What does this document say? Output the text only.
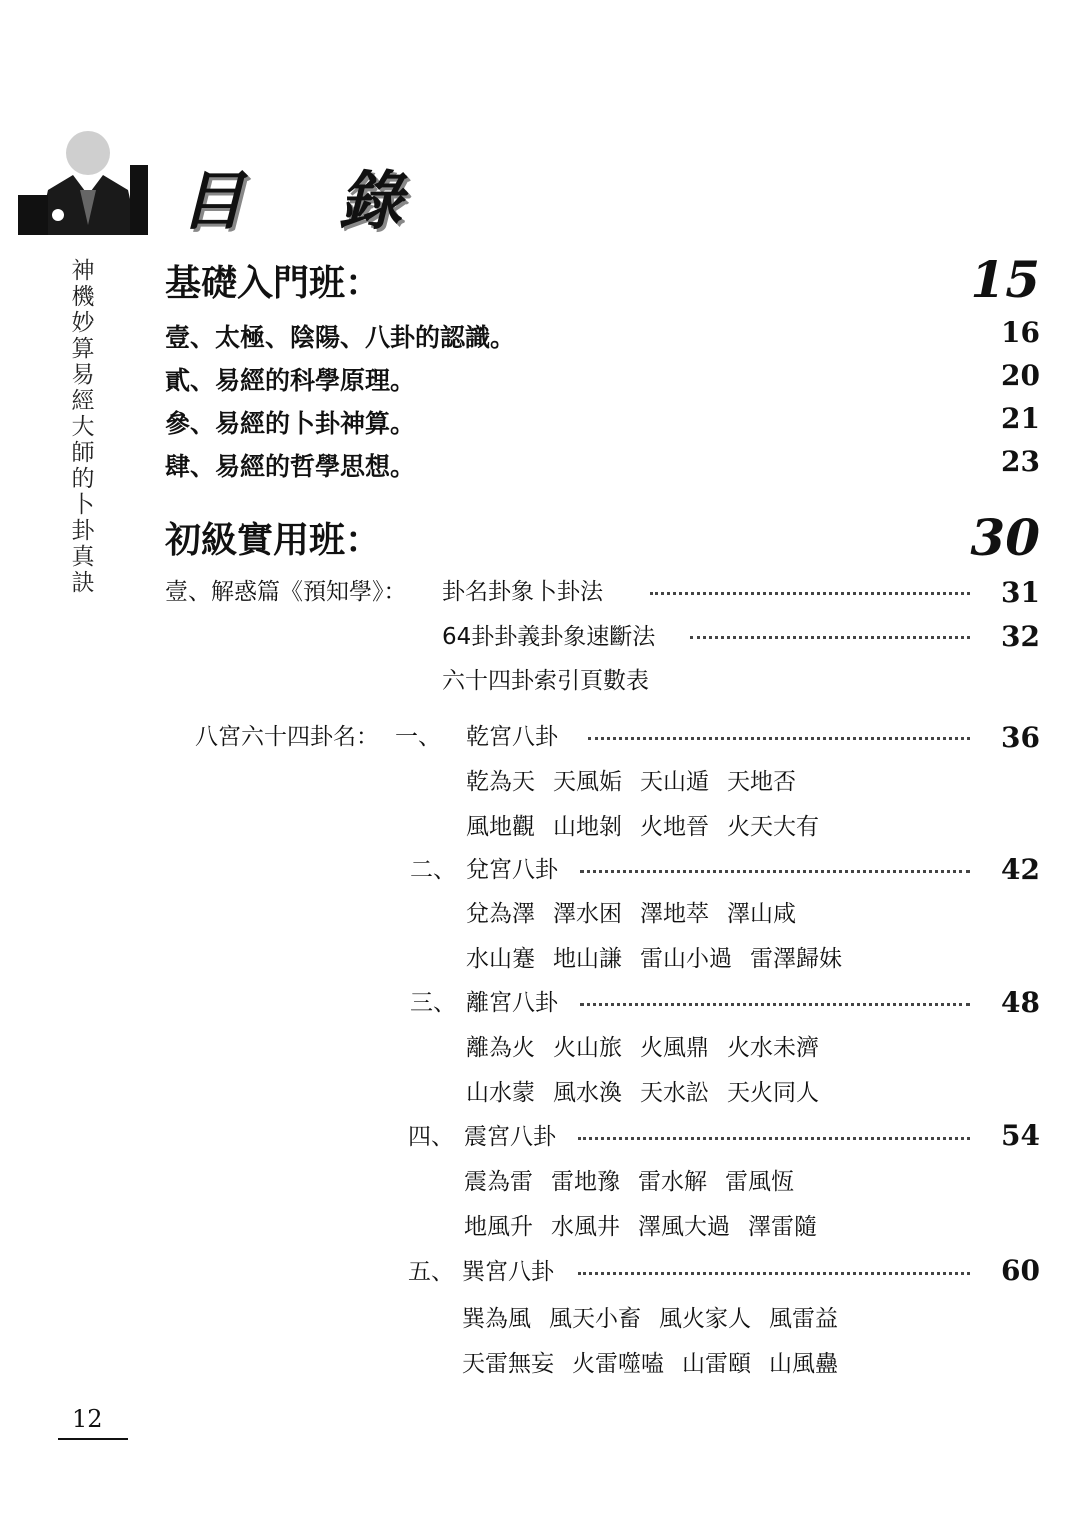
目 錄
神機妙算易經大師的卜卦真訣
基礎入門班：	15
壹、太極、陰陽、八卦的認識。	16
貳、易經的科學原理。	20
參、易經的卜卦神算。	21
肆、易經的哲學思想。	23
初級實用班：	30
壹、解惑篇《預知學》： 卦名卦象卜卦法	31
64卦卦義卦象速斷法	32
六十四卦索引頁數表
八宮六十四卦名： 一、 乾宮八卦	36
乾為天 天風姤 天山遁 天地否
風地觀 山地剝 火地晉 火天大有
二、 兌宮八卦	42
兌為澤 澤水困 澤地萃 澤山咸
水山蹇 地山謙 雷山小過 雷澤歸妹
三、 離宮八卦	48
離為火 火山旅 火風鼎 火水未濟
山水蒙 風水渙 天水訟 天火同人
四、 震宮八卦	54
震為雷 雷地豫 雷水解 雷風恆
地風升 水風井 澤風大過 澤雷隨
五、 巽宮八卦	60
巽為風 風天小畜 風火家人 風雷益
天雷無妄 火雷噬嗑 山雷頤 山風蠱
12
